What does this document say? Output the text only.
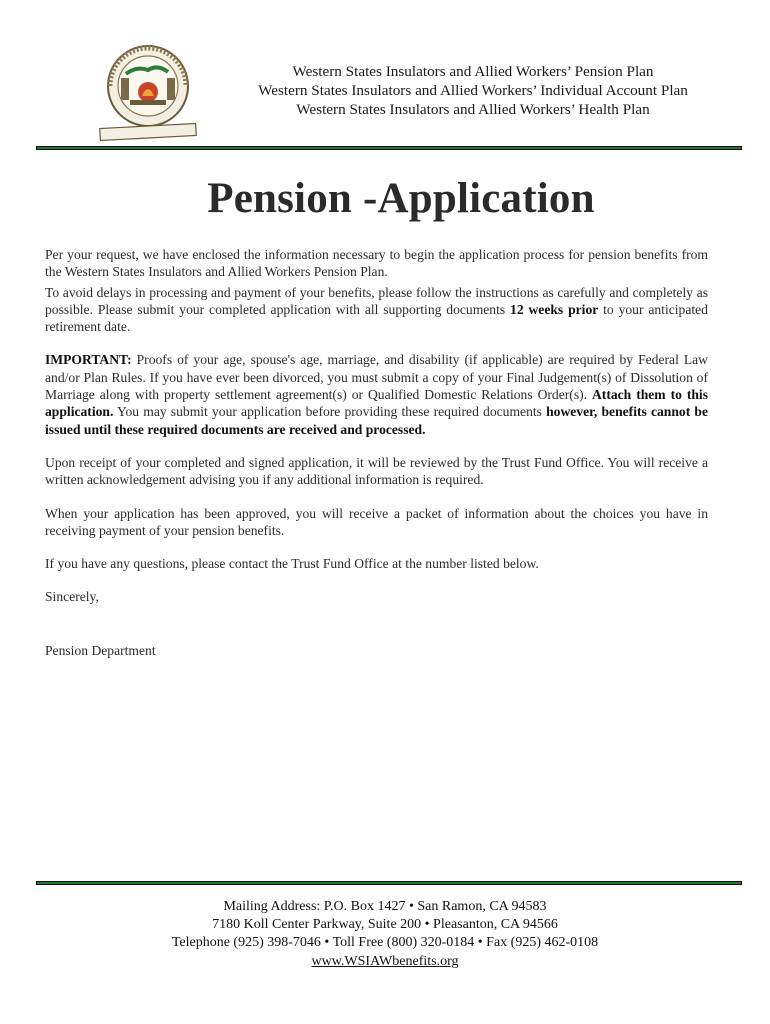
Western States Insulators and Allied Workers’ Pension Plan
Western States Insulators and Allied Workers’ Individual Account Plan
Western States Insulators and Allied Workers’ Health Plan
Pension -Application

Per your request, we have enclosed the information necessary to begin the application process for pension benefits from the Western States Insulators and Allied Workers Pension Plan.

To avoid delays in processing and payment of your benefits, please follow the instructions as carefully and completely as possible. Please submit your completed application with all supporting documents 12 weeks prior to your anticipated retirement date.

IMPORTANT: Proofs of your age, spouse's age, marriage, and disability (if applicable) are required by Federal Law and/or Plan Rules. If you have ever been divorced, you must submit a copy of your Final Judgement(s) of Dissolution of Marriage along with property settlement agreement(s) or Qualified Domestic Relations Order(s). Attach them to this application. You may submit your application before providing these required documents however, benefits cannot be issued until these required documents are received and processed.

Upon receipt of your completed and signed application, it will be reviewed by the Trust Fund Office. You will receive a written acknowledgement advising you if any additional information is required.

When your application has been approved, you will receive a packet of information about the choices you have in receiving payment of your pension benefits.

If you have any questions, please contact the Trust Fund Office at the number listed below.

Sincerely,

Pension Department

Mailing Address: P.O. Box 1427 • San Ramon, CA 94583
7180 Koll Center Parkway, Suite 200 • Pleasanton, CA 94566
Telephone (925) 398-7046 • Toll Free (800) 320-0184 • Fax (925) 462-0108
www.WSIAWbenefits.org
